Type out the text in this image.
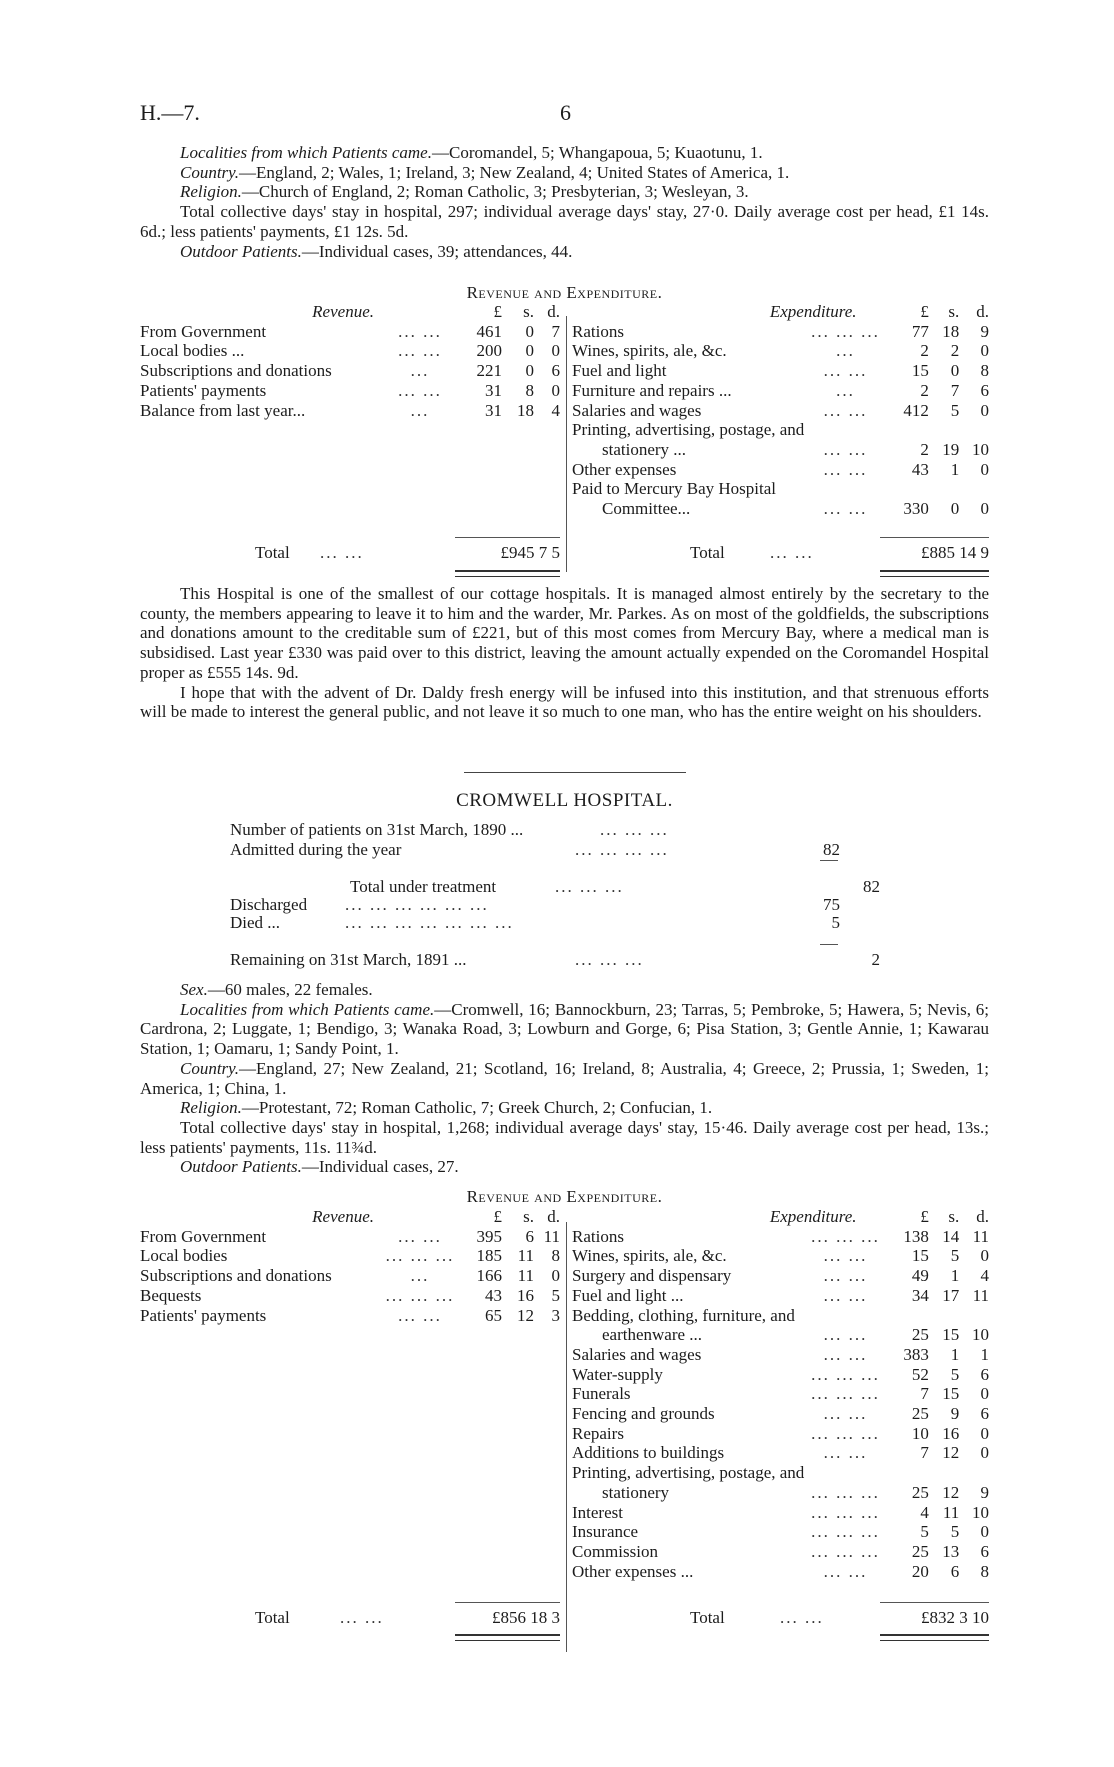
H.—7.	6

Localities from which Patients came.—Coromandel, 5; Whangapoua, 5; Kuaotunu, 1.

Country.—England, 2; Wales, 1; Ireland, 3; New Zealand, 4; United States of America, 1.

Religion.—Church of England, 2; Roman Catholic, 3; Presbyterian, 3; Wesleyan, 3.

Total collective days' stay in hospital, 297; individual average days' stay, 27·0. Daily average cost per head, £1 14s. 6d.; less patients' payments, £1 12s. 5d.

Outdoor Patients.—Individual cases, 39; attendances, 44.

Revenue and Expenditure.
Revenue.		£	s.	d.
From Government	... ...	461	0	7
Local bodies ...	... ...	200	0	0
Subscriptions and donations	...	221	0	6
Patients' payments	... ...	31	8	0
Balance from last year...	...	31	18	4
Expenditure.		£	s.	d.
Rations	... ... ...	77	18	9
Wines, spirits, ale, &c.	...	2	2	0
Fuel and light	... ...	15	0	8
Furniture and repairs ...	...	2	7	6
Salaries and wages	... ...	412	5	0
Printing, advertising, postage, and				
stationery ...	... ...	2	19	10
Other expenses	... ...	43	1	0
Paid to Mercury Bay Hospital				
Committee...	... ...	330	0	0
Total ... ...	£945 7 5	Total	... ...	£885 14 9

This Hospital is one of the smallest of our cottage hospitals. It is managed almost entirely by the secretary to the county, the members appearing to leave it to him and the warder, Mr. Parkes. As on most of the goldfields, the subscriptions and donations amount to the creditable sum of £221, but of this most comes from Mercury Bay, where a medical man is subsidised. Last year £330 was paid over to this district, leaving the amount actually expended on the Coromandel Hospital proper as £555 14s. 9d.

I hope that with the advent of Dr. Daldy fresh energy will be infused into this institution, and that strenuous efforts will be made to interest the general public, and not leave it so much to one man, who has the entire weight on his shoulders.

CROMWELL HOSPITAL.
Number of patients on 31st March, 1890 ...	... ... ...
Admitted during the year	... ... ... ...	82
Total under treatment	... ... ...	82
Discharged ... ... ... ... ... ...	75
Died ...	... ... ... ... ... ... ...	5
Remaining on 31st March, 1891 ...	... ... ...	2

Sex.—60 males, 22 females.

Localities from which Patients came.—Cromwell, 16; Bannockburn, 23; Tarras, 5; Pembroke, 5; Hawera, 5; Nevis, 6; Cardrona, 2; Luggate, 1; Bendigo, 3; Wanaka Road, 3; Lowburn and Gorge, 6; Pisa Station, 3; Gentle Annie, 1; Kawarau Station, 1; Oamaru, 1; Sandy Point, 1.

Country.—England, 27; New Zealand, 21; Scotland, 16; Ireland, 8; Australia, 4; Greece, 2; Prussia, 1; Sweden, 1; America, 1; China, 1.

Religion.—Protestant, 72; Roman Catholic, 7; Greek Church, 2; Confucian, 1.

Total collective days' stay in hospital, 1,268; individual average days' stay, 15·46. Daily average cost per head, 13s.; less patients' payments, 11s. 11¾d.

Outdoor Patients.—Individual cases, 27.

Revenue and Expenditure.
Revenue.		£	s.	d.
From Government	... ...	395	6	11
Local bodies	... ... ...	185	11	8
Subscriptions and donations	...	166	11	0
Bequests	... ... ...	43	16	5
Patients' payments	... ...	65	12	3
Expenditure.		£	s.	d.
Rations	... ... ...	138	14	11
Wines, spirits, ale, &c.	... ...	15	5	0
Surgery and dispensary	... ...	49	1	4
Fuel and light ...	... ...	34	17	11
Bedding, clothing, furniture, and				
earthenware ...	... ...	25	15	10
Salaries and wages	... ...	383	1	1
Water-supply	... ... ...	52	5	6
Funerals	... ... ...	7	15	0
Fencing and grounds	... ...	25	9	6
Repairs	... ... ...	10	16	0
Additions to buildings	... ...	7	12	0
Printing, advertising, postage, and				
stationery	... ... ...	25	12	9
Interest	... ... ...	4	11	10
Insurance	... ... ...	5	5	0
Commission	... ... ...	25	13	6
Other expenses ...	... ...	20	6	8
Total	... ...	£856 18 3	Total	... ...	£832 3 10
